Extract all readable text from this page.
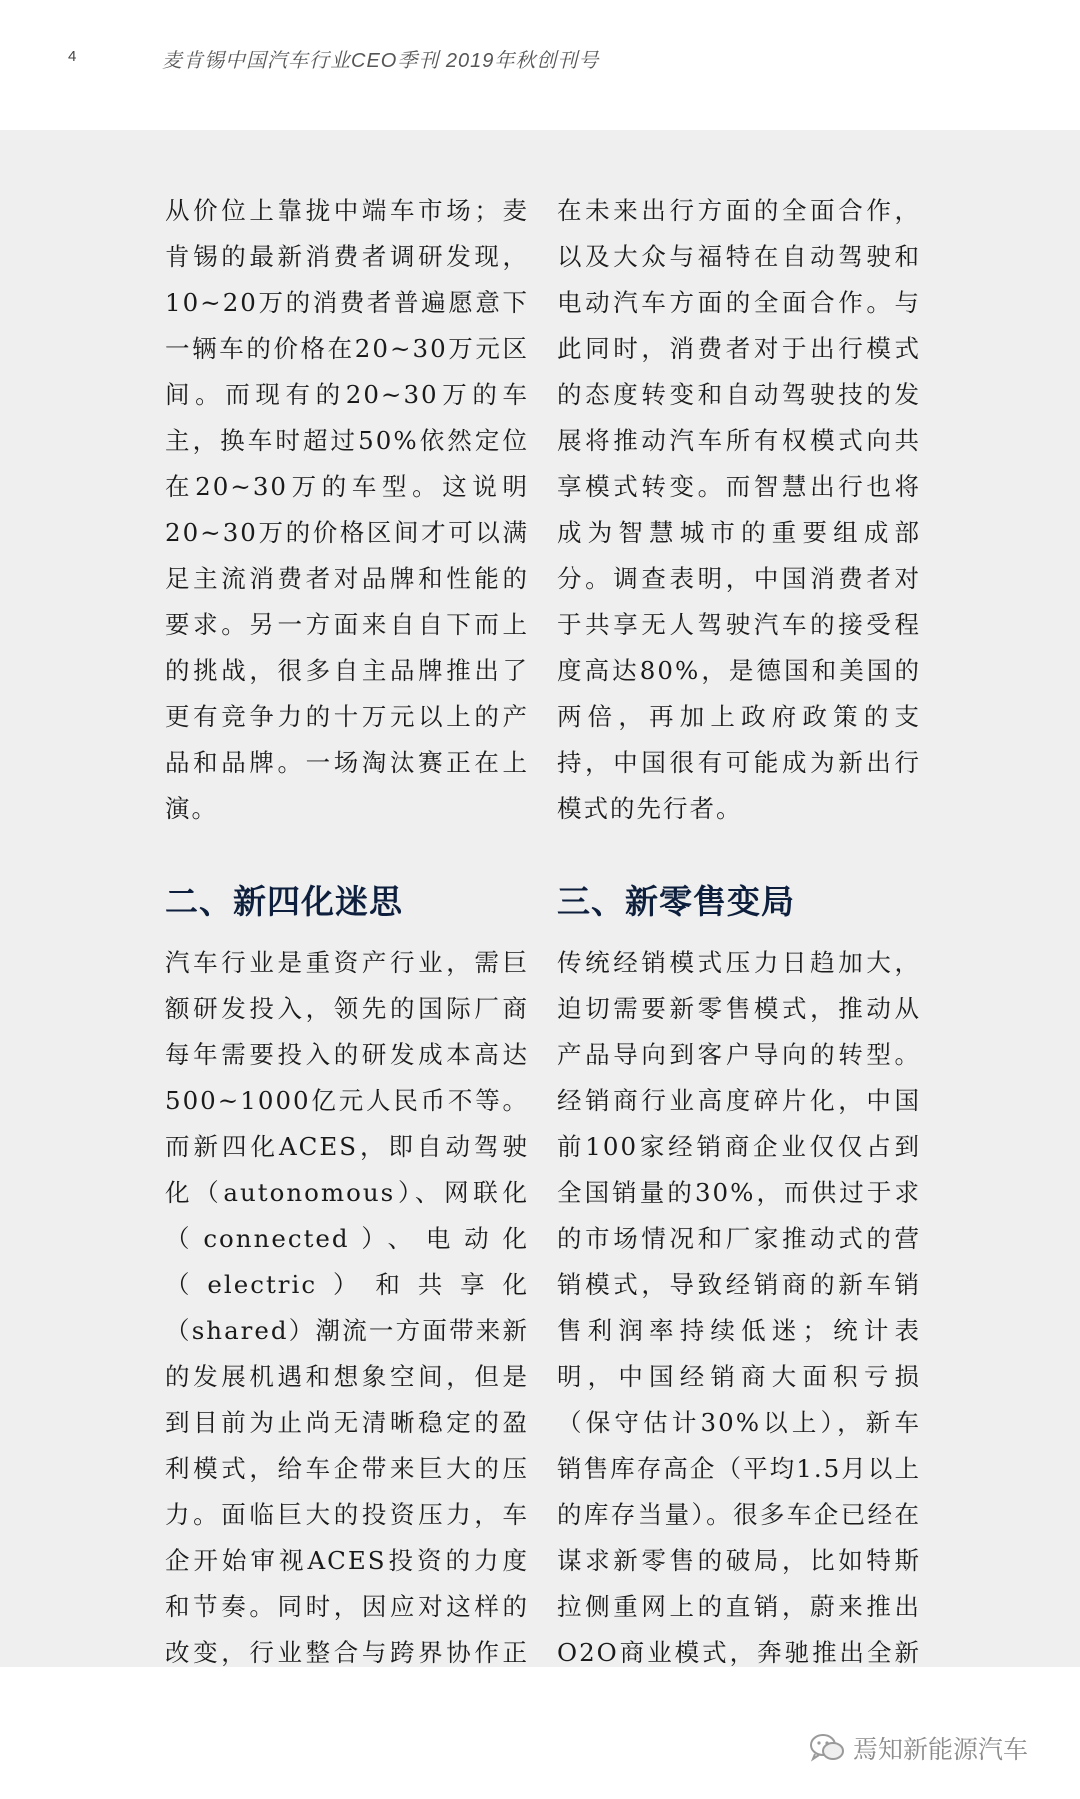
4	麦肯锡中国汽车行业CEO季刊 2019年秋创刊号

从价位上靠拢中端车市场；麦肯锡的最新消费者调研发现，10~20万的消费者普遍愿意下一辆车的价格在20~30万元区间。而现有的20~30万的车主，换车时超过50%依然定位在20~30万的车型。这说明20~30万的价格区间才可以满足主流消费者对品牌和性能的要求。另一方面来自自下而上的挑战，很多自主品牌推出了更有竞争力的十万元以上的产品和品牌。一场淘汰赛正在上演。

二、新四化迷思

汽车行业是重资产行业，需巨额研发投入，领先的国际厂商每年需要投入的研发成本高达500~1000亿元人民币不等。而新四化ACES，即自动驾驶化（autonomous）、网联化（connected）、电动化（electric）和共享化（shared）潮流一方面带来新的发展机遇和想象空间，但是到目前为止尚无清晰稳定的盈利模式，给车企带来巨大的压力。面临巨大的投资压力，车企开始审视ACES投资的力度和节奏。同时，因应对这样的改变，行业整合与跨界协作正

在未来出行方面的全面合作，以及大众与福特在自动驾驶和电动汽车方面的全面合作。与此同时，消费者对于出行模式的态度转变和自动驾驶技的发展将推动汽车所有权模式向共享模式转变。而智慧出行也将成为智慧城市的重要组成部分。调查表明，中国消费者对于共享无人驾驶汽车的接受程度高达80%，是德国和美国的两倍，再加上政府政策的支持，中国很有可能成为新出行模式的先行者。

三、新零售变局

传统经销模式压力日趋加大，迫切需要新零售模式，推动从产品导向到客户导向的转型。经销商行业高度碎片化，中国前100家经销商企业仅仅占到全国销量的30%，而供过于求的市场情况和厂家推动式的营销模式，导致经销商的新车销售利润率持续低迷；统计表明，中国经销商大面积亏损（保守估计30%以上），新车销售库存高企（平均1.5月以上的库存当量）。很多车企已经在谋求新零售的破局，比如特斯拉侧重网上的直销，蔚来推出O2O商业模式，奔驰推出全新

焉知新能源汽车
